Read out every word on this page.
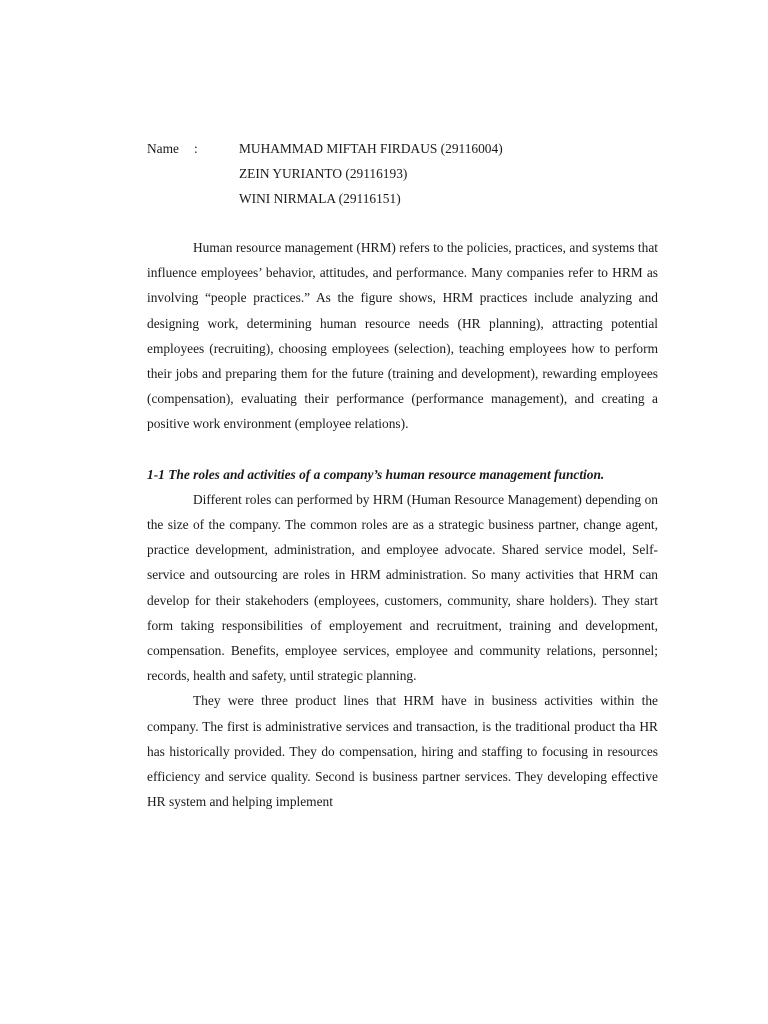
Name :	MUHAMMAD MIFTAH FIRDAUS (29116004)
ZEIN YURIANTO (29116193)
WINI NIRMALA (29116151)

Human resource management (HRM) refers to the policies, practices, and systems that influence employees’ behavior, attitudes, and performance. Many companies refer to HRM as involving “people practices.” As the figure shows, HRM practices include analyzing and designing work, determining human resource needs (HR planning), attracting potential employees (recruiting), choosing employees (selection), teaching employees how to perform their jobs and preparing them for the future (training and development), rewarding employees (compensation), evaluating their performance (performance management), and creating a positive work environment (employee relations).

1-1 The roles and activities of a company’s human resource management function.

Different roles can performed by HRM (Human Resource Management) depending on the size of the company. The common roles are as a strategic business partner, change agent, practice development, administration, and employee advocate. Shared service model, Self-service and outsourcing are roles in HRM administration. So many activities that HRM can develop for their stakehoders (employees, customers, community, share holders). They start form taking responsibilities of employement and recruitment, training and development, compensation. Benefits, employee services, employee and community relations, personnel; records, health and safety, until strategic planning.

They were three product lines that HRM have in business activities within the company. The first is administrative services and transaction, is the traditional product tha HR has historically provided. They do compensation, hiring and staffing to focusing in resources efficiency and service quality. Second is business partner services. They developing effective HR system and helping implement
